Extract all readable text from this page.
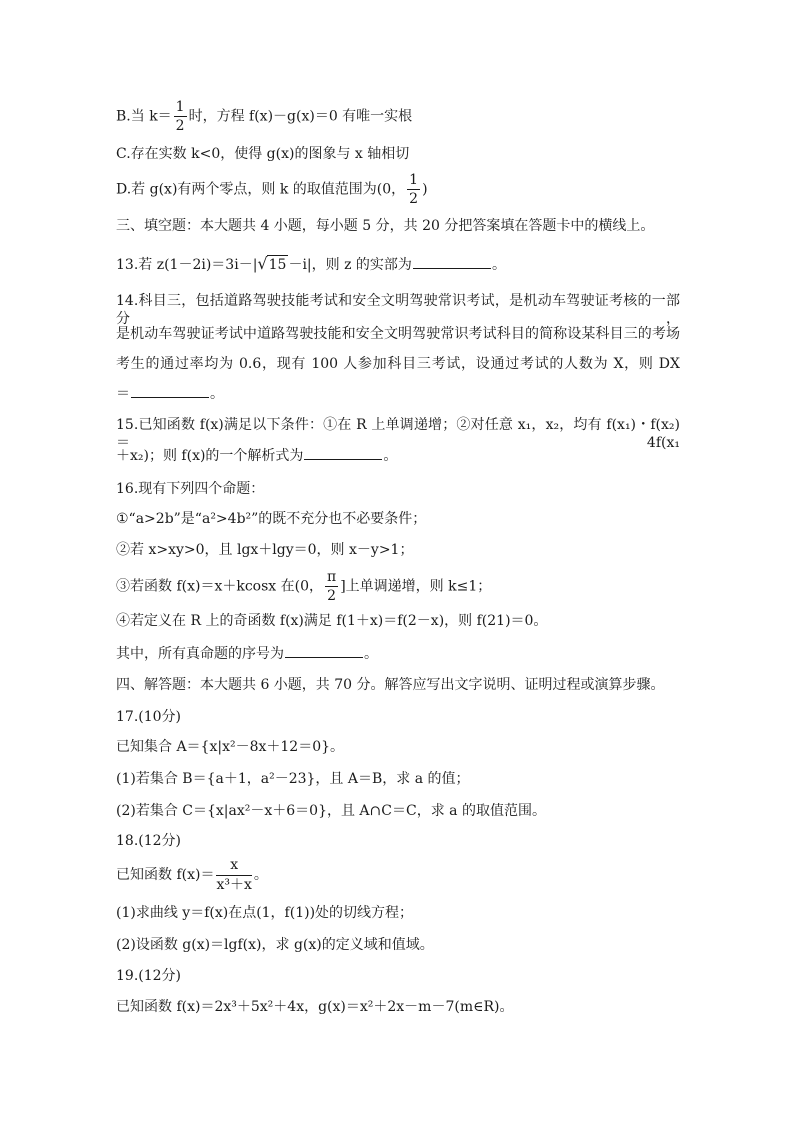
B.当 $k= \frac{1}{2}$ 时，方程 f(x)－g(x)＝0 有唯一实根
C.存在实数 k<0，使得 g(x)的图象与 x 轴相切
D.若 g(x)有两个零点，则 k 的取值范围为(0， $\frac{1}{2}$ )
三、填空题：本大题共 4 小题，每小题 5 分，共 20 分把答案填在答题卡中的横线上。
13.若 z(1－2i)＝3i－|√15 －i|，则 z 的实部为	。
14.科目三，包括道路驾驶技能考试和安全文明驾驶常识考试，是机动车驾驶证考核的一部分，
是机动车驾驶证考试中道路驾驶技能和安全文明驾驶常识考试科目的简称设某科目三的考场
考生的通过率均为 0.6，现有 100 人参加科目三考试，设通过考试的人数为 X，则 DX
＝	。
15.已知函数 f(x)满足以下条件：①在 R 上单调递增；②对任意 x₁，x₂，均有 f(x₁)・f(x₂)＝4f(x₁
＋x₂)；则 f(x)的一个解析式为	。
16.现有下列四个命题：
①“a>2b”是“a²>4b²”的既不充分也不必要条件；
②若 x>xy>0，且 lgx＋lgy＝0，则 x－y>1；
③若函数 f(x)＝x＋kcosx 在(0， $\frac{\pi}{2}$ ]上单调递增，则 k≤1；
④若定义在 R 上的奇函数 f(x)满足 f(1＋x)＝f(2－x)，则 f(21)＝0。
其中，所有真命题的序号为	。
四、解答题：本大题共 6 小题，共 70 分。解答应写出文字说明、证明过程或演算步骤。
17.(10分)
已知集合 A＝{x|x²－8x＋12＝0}。
(1)若集合 B＝{a＋1，a²－23}，且 A＝B，求 a 的值；
(2)若集合 C＝{x|ax²－x＋6＝0}，且 A∩C＝C，求 a 的取值范围。
18.(12分)
已知函数 $f(x)= \frac{x}{\text{x³＋x}}$ 。
(1)求曲线 y＝f(x)在点(1，f(1))处的切线方程；
(2)设函数 g(x)＝lgf(x)，求 g(x)的定义域和值域。
19.(12分)
已知函数 f(x)＝2x³＋5x²＋4x，g(x)＝x²＋2x－m－7(m∈R)。
